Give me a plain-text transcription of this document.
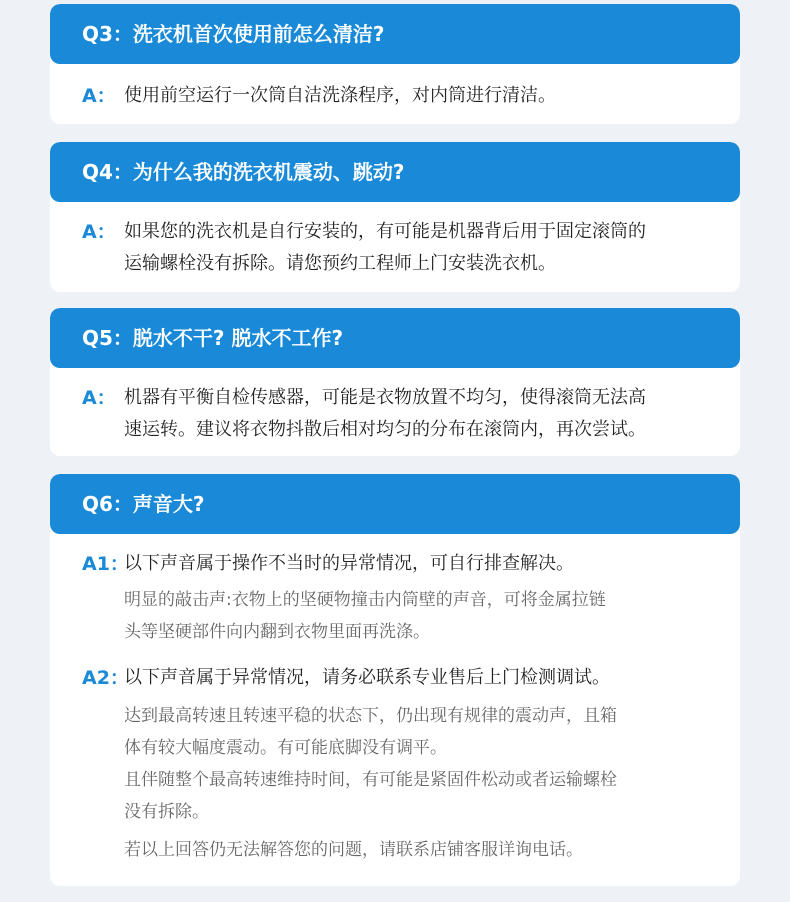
Q3：洗衣机首次使用前怎么清洁?
A： 使用前空运行一次筒自洁洗涤程序，对内筒进行清洁。
Q4：为什么我的洗衣机震动、跳动?
A： 如果您的洗衣机是自行安装的，有可能是机器背后用于固定滚筒的
运输螺栓没有拆除。请您预约工程师上门安装洗衣机。
Q5：脱水不干? 脱水不工作?
A： 机器有平衡自检传感器，可能是衣物放置不均匀，使得滚筒无法高
速运转。建议将衣物抖散后相对均匀的分布在滚筒内，再次尝试。
Q6：声音大?
A1：
以下声音属于操作不当时的异常情况，可自行排查解决。
明显的敲击声:衣物上的坚硬物撞击内筒壁的声音，可将金属拉链
头等坚硬部件向内翻到衣物里面再洗涤。
A2：
以下声音属于异常情况，请务必联系专业售后上门检测调试。
达到最高转速且转速平稳的状态下，仍出现有规律的震动声，且箱
体有较大幅度震动。有可能底脚没有调平。
且伴随整个最高转速维持时间，有可能是紧固件松动或者运输螺栓
没有拆除。
若以上回答仍无法解答您的问题，请联系店铺客服详询电话。
